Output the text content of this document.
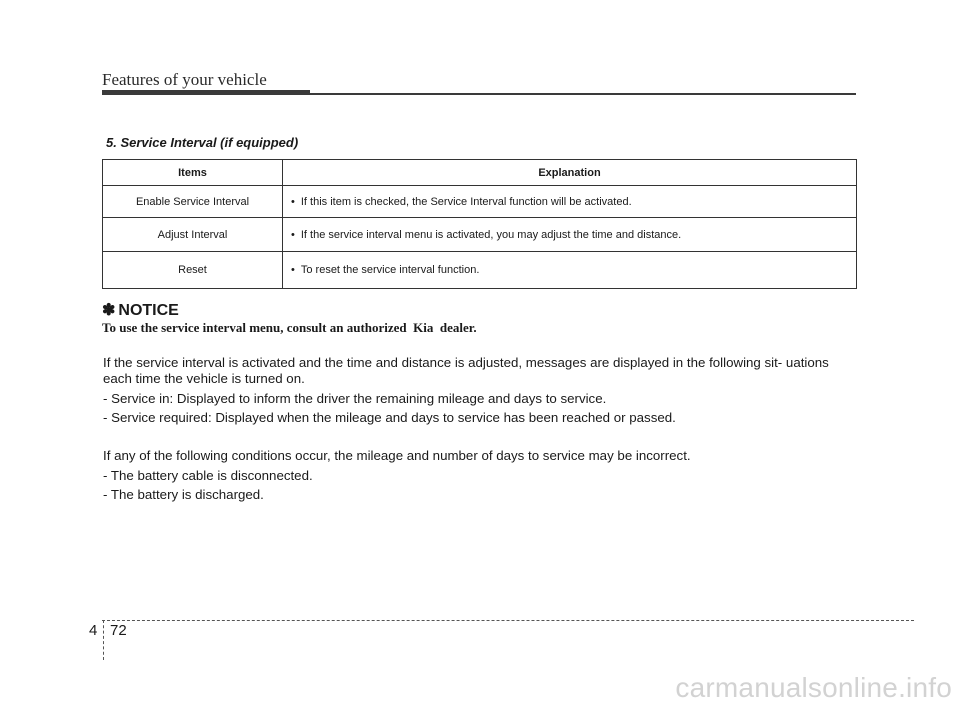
Features of your vehicle
5. Service Interval (if equipped)
Items	Explanation
Enable Service Interval	• If this item is checked, the Service Interval function will be activated.
Adjust Interval	• If the service interval menu is activated, you may adjust the time and distance.
Reset	• To reset the service interval function.
✽ NOTICE
To use the service interval menu, consult an authorized  Kia  dealer.
If the service interval is activated and the time and distance is adjusted, messages are displayed in the following sit- uations each time the vehicle is turned on.
- Service in: Displayed to inform the driver the remaining mileage and days to service.
- Service required: Displayed when the mileage and days to service has been reached or passed.
If any of the following conditions occur, the mileage and number of days to service may be incorrect.
- The battery cable is disconnected.
- The battery is discharged.
4 72
carmanualsonline.info
